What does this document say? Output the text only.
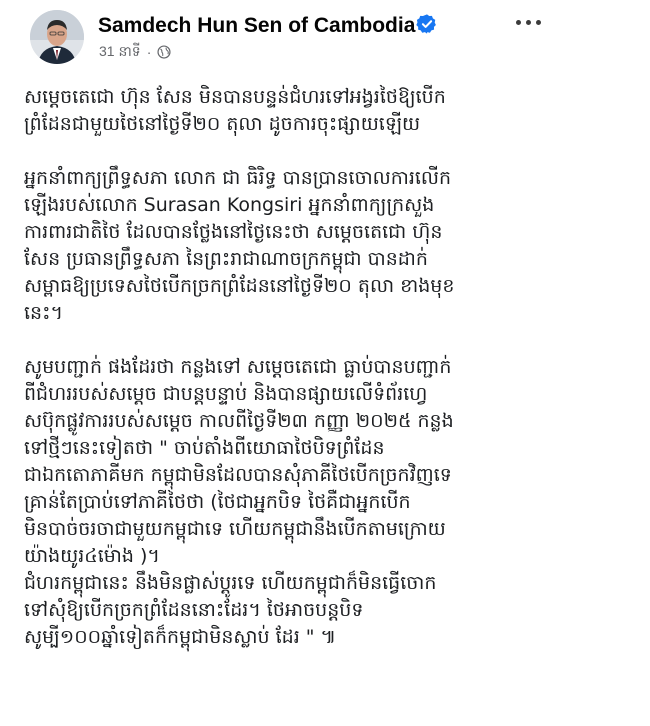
Samdech Hun Sen of Cambodia
31 នាទី ·

សម្តេចតេជោ ហ៊ុន សែន មិនបានបន្ទន់ជំហរទៅអង្វរថៃឱ្យបើក
ព្រំដែនជាមួយថៃនៅថ្ងៃទី២០ តុលា ដូចការចុះផ្សាយឡើយ

អ្នកនាំពាក្យព្រឹទ្ធសភា លោក ជា ធិរិទ្ធ បានប្រានចោលការលើក
ឡើងរបស់លោក Surasan Kongsiri អ្នកនាំពាក្យក្រសួង
ការពារជាតិថៃ ដែលបានថ្លែងនៅថ្ងៃនេះថា សម្តេចតេជោ ហ៊ុន
សែន ប្រធានព្រឹទ្ធសភា នៃព្រះរាជាណាចក្រកម្ពុជា បានដាក់
សម្ពាធឱ្យប្រទេសថៃបើកច្រកព្រំដែននៅថ្ងៃទី២០ តុលា ខាងមុខ
នេះ។

សូមបញ្ជាក់ ផងដែរថា កន្លងទៅ សម្តេចតេជោ ធ្លាប់បានបញ្ជាក់
ពីជំហររបស់សម្តេច ជាបន្តបន្ទាប់ និងបានផ្សាយលើទំព័រហ្វេ
សប៊ុកផ្លូវការរបស់សម្តេច កាលពីថ្ងៃទី២៣ កញ្ញា ២០២៥ កន្លង
ទៅថ្មីៗនេះទៀតថា " ចាប់តាំងពីយោធាថៃបិទព្រំដែន
ជាឯកតោភាគីមក កម្ពុជាមិនដែលបានសុំភាគីថៃបើកច្រកវិញទេ
គ្រាន់តែប្រាប់ទៅភាគីថៃថា (ថៃជាអ្នកបិទ ថៃគឺជាអ្នកបើក
មិនបាច់ចរចាជាមួយកម្ពុជាទេ ហើយកម្ពុជានឹងបើកតាមក្រោយ
យ៉ាងយូរ៤ម៉ោង )។
ជំហរកម្ពុជានេះ នឹងមិនផ្លាស់ប្តូរទេ ហើយកម្ពុជាក៏មិនធ្វើចោក
ទៅសុំឱ្យបើកច្រកព្រំដែននោះដែរ។ ថៃអាចបន្តបិទ
សូម្បី១០០ឆ្នាំទៀតក៏កម្ពុជាមិនស្លាប់ ដែរ " ៕
